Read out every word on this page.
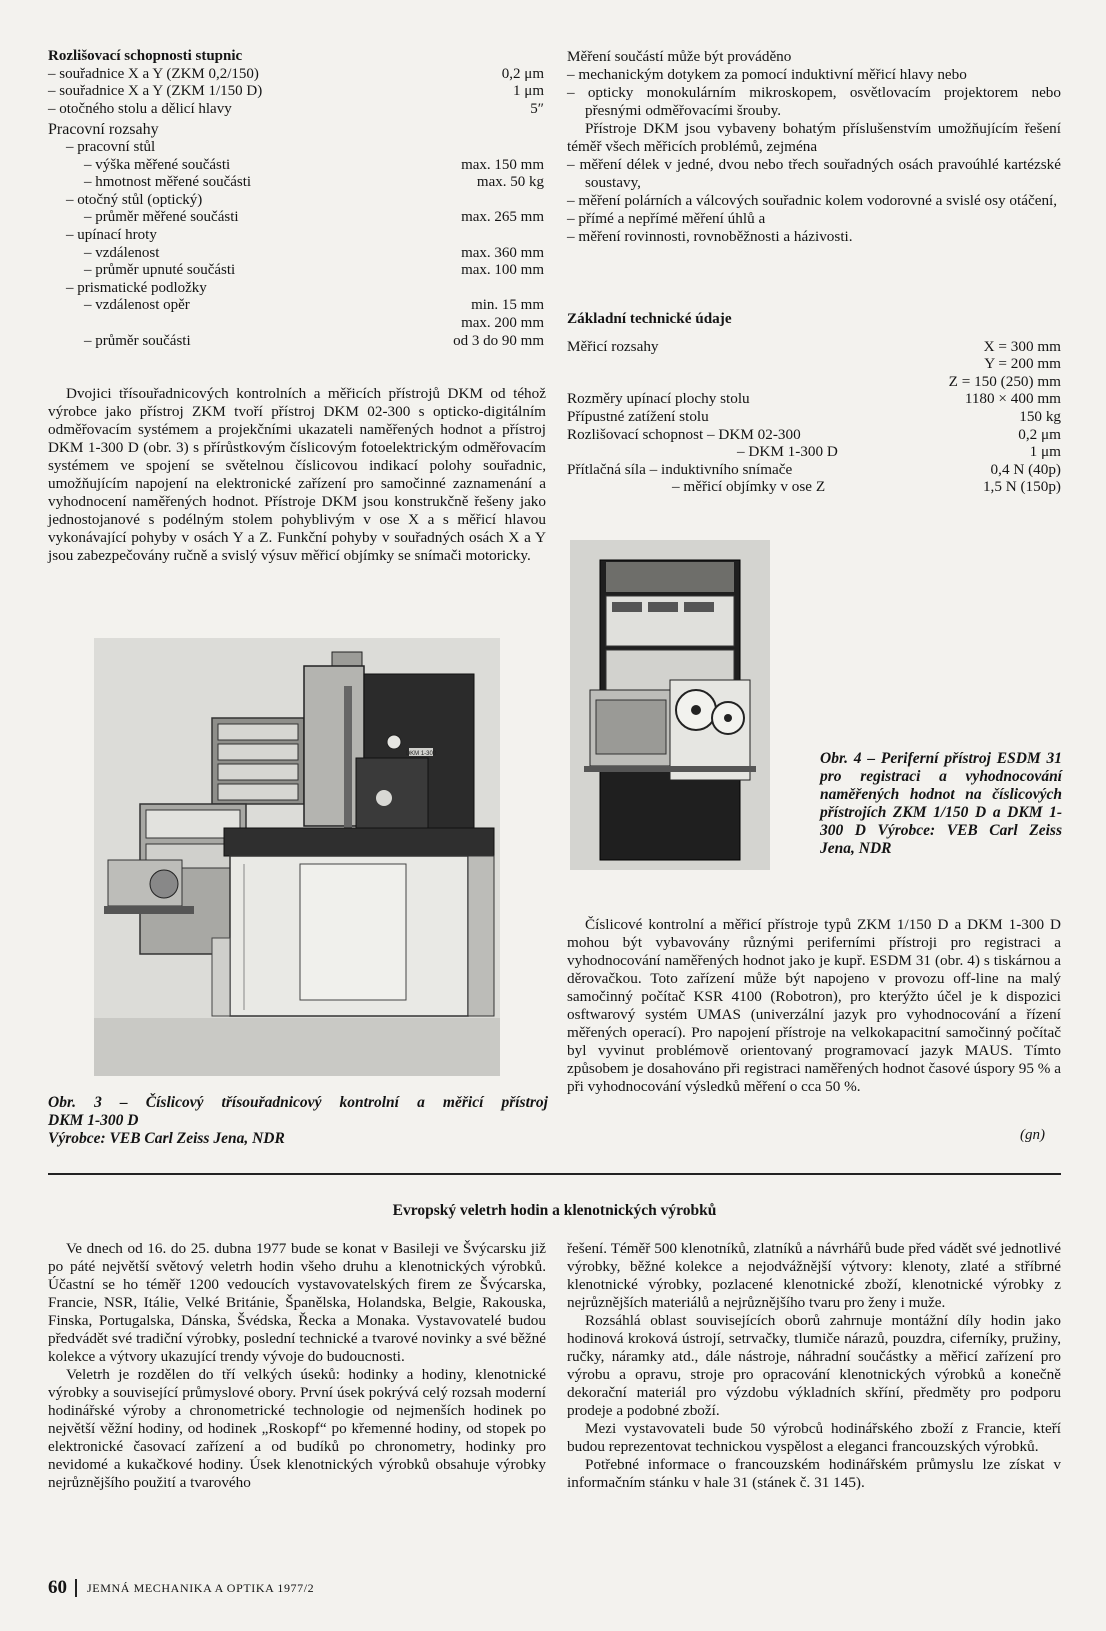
Rozlišovací schopnosti stupnic
– souřadnice X a Y (ZKM 0,2/150)	0,2 μm
– souřadnice X a Y (ZKM 1/150 D)	1 μm
– otočného stolu a dělicí hlavy	5″
Pracovní rozsahy
– pracovní stůl
– výška měřené součásti	max. 150 mm
– hmotnost měřené součásti	max. 50 kg
– otočný stůl (optický)
– průměr měřené součásti	max. 265 mm
– upínací hroty
– vzdálenost	max. 360 mm
– průměr upnuté součásti	max. 100 mm
– prismatické podložky
– vzdálenost opěr	min. 15 mm
max. 200 mm
– průměr součásti	od 3 do 90 mm

Dvojici třísouřadnicových kontrolních a měřicích přístrojů DKM od téhož výrobce jako přístroj ZKM tvoří přístroj DKM 02-300 s opticko-digitálním odměřovacím systémem a projekčními ukazateli naměřených hodnot a přístroj DKM 1-300 D (obr. 3) s přírůstkovým číslicovým fotoelektrickým odměřovacím systémem ve spojení se světelnou číslicovou indikací polohy souřadnic, umožňujícím napojení na elektronické zařízení pro samočinné zaznamenání a vyhodnocení naměřených hodnot. Přístroje DKM jsou konstrukčně řešeny jako jednostojanové s podélným stolem pohyblivým v ose X a s měřicí hlavou vykonávající pohyby v osách Y a Z. Funkční pohyby v souřadných osách X a Y jsou zabezpečovány ručně a svislý výsuv měřicí objímky se snímači motoricky.

Měření součástí může být prováděno

– mechanickým dotykem za pomocí induktivní měřicí hlavy nebo

– opticky monokulárním mikroskopem, osvětlovacím projektorem nebo přesnými odměřovacími šrouby.

Přístroje DKM jsou vybaveny bohatým příslušenstvím umožňujícím řešení téměř všech měřicích problémů, zejména

– měření délek v jedné, dvou nebo třech souřadných osách pravoúhlé kartézské soustavy,

– měření polárních a válcových souřadnic kolem vodorovné a svislé osy otáčení,

– přímé a nepřímé měření úhlů a

– měření rovinnosti, rovnoběžnosti a házivosti.

Základní technické údaje
Měřicí rozsahy	X = 300 mm
Y = 200 mm
Z = 150 (250) mm
Rozměry upínací plochy stolu	1180 × 400 mm
Přípustné zatížení stolu	150 kg
Rozlišovací schopnost – DKM 02-300	0,2 μm
– DKM 1-300 D	1 μm
Přítlačná síla – induktivního snímače	0,4 N (40p)
– měřicí objímky v ose Z	1,5 N (150p)
DKM 1-300
Obr. 3 – Číslicový třísouřadnicový kontrolní a měřicí přístroj
DKM 1-300 D
Výrobce: VEB Carl Zeiss Jena, NDR
Obr. 4 – Periferní přístroj ESDM 31 pro registraci a vyhodnocování naměřených hodnot na číslicových přístrojích ZKM 1/150 D a DKM 1-300 D Výrobce: VEB Carl Zeiss Jena, NDR

Číslicové kontrolní a měřicí přístroje typů ZKM 1/150 D a DKM 1-300 D mohou být vybavovány různými periferními přístroji pro registraci a vyhodnocování naměřených hodnot jako je kupř. ESDM 31 (obr. 4) s tiskárnou a děrovačkou. Toto zařízení může být napojeno v provozu off-line na malý samočinný počítač KSR 4100 (Robotron), pro kterýžto účel je k dispozici osftwarový systém UMAS (univerzální jazyk pro vyhodnocování a řízení měřených operací). Pro napojení přístroje na velkokapacitní samočinný počítač byl vyvinut problémově orientovaný programovací jazyk MAUS. Tímto způsobem je dosahováno při registraci naměřených hodnot časové úspory 95 % a při vyhodnocování výsledků měření o cca 50 %.

(gn)
Evropský veletrh hodin a klenotnických výrobků

Ve dnech od 16. do 25. dubna 1977 bude se konat v Basileji ve Švýcarsku již po páté největší světový veletrh hodin všeho druhu a klenotnických výrobků. Účastní se ho téměř 1200 vedoucích vystavovatelských firem ze Švýcarska, Francie, NSR, Itálie, Velké Británie, Španělska, Holandska, Belgie, Rakouska, Finska, Portugalska, Dánska, Švédska, Řecka a Monaka. Vystavovatelé budou předvádět své tradiční výrobky, poslední technické a tvarové novinky a své běžné kolekce a výtvory ukazující trendy vývoje do budoucnosti.

Veletrh je rozdělen do tří velkých úseků: hodinky a hodiny, klenotnické výrobky a související průmyslové obory. První úsek pokrývá celý rozsah moderní hodinářské výroby a chronometrické technologie od nejmenších hodinek po největší věžní hodiny, od hodinek „Roskopf“ po křemenné hodiny, od stopek po elektronické časovací zařízení a od budíků po chronometry, hodinky pro nevidomé a kukačkové hodiny. Úsek klenotnických výrobků obsahuje výrobky nejrůznějšího použití a tvarového

řešení. Téměř 500 klenotníků, zlatníků a návrhářů bude před vádět své jednotlivé výrobky, běžné kolekce a nejodvážnější výtvory: klenoty, zlaté a stříbrné klenotnické výrobky, pozlacené klenotnické zboží, klenotnické výrobky z nejrůznějších materiálů a nejrůznějšího tvaru pro ženy i muže.

Rozsáhlá oblast souvisejících oborů zahrnuje montážní díly hodin jako hodinová kroková ústrojí, setrvačky, tlumiče nárazů, pouzdra, ciferníky, pružiny, ručky, náramky atd., dále nástroje, náhradní součástky a měřicí zařízení pro výrobu a opravu, stroje pro opracování klenotnických výrobků a konečně dekorační materiál pro výzdobu výkladních skříní, předměty pro podporu prodeje a podobné zboží.

Mezi vystavovateli bude 50 výrobců hodinářského zboží z Francie, kteří budou reprezentovat technickou vyspělost a eleganci francouzských výrobků.

Potřebné informace o francouzském hodinářském průmyslu lze získat v informačním stánku v hale 31 (stánek č. 31 145).

60 JEMNÁ MECHANIKA A OPTIKA 1977/2
